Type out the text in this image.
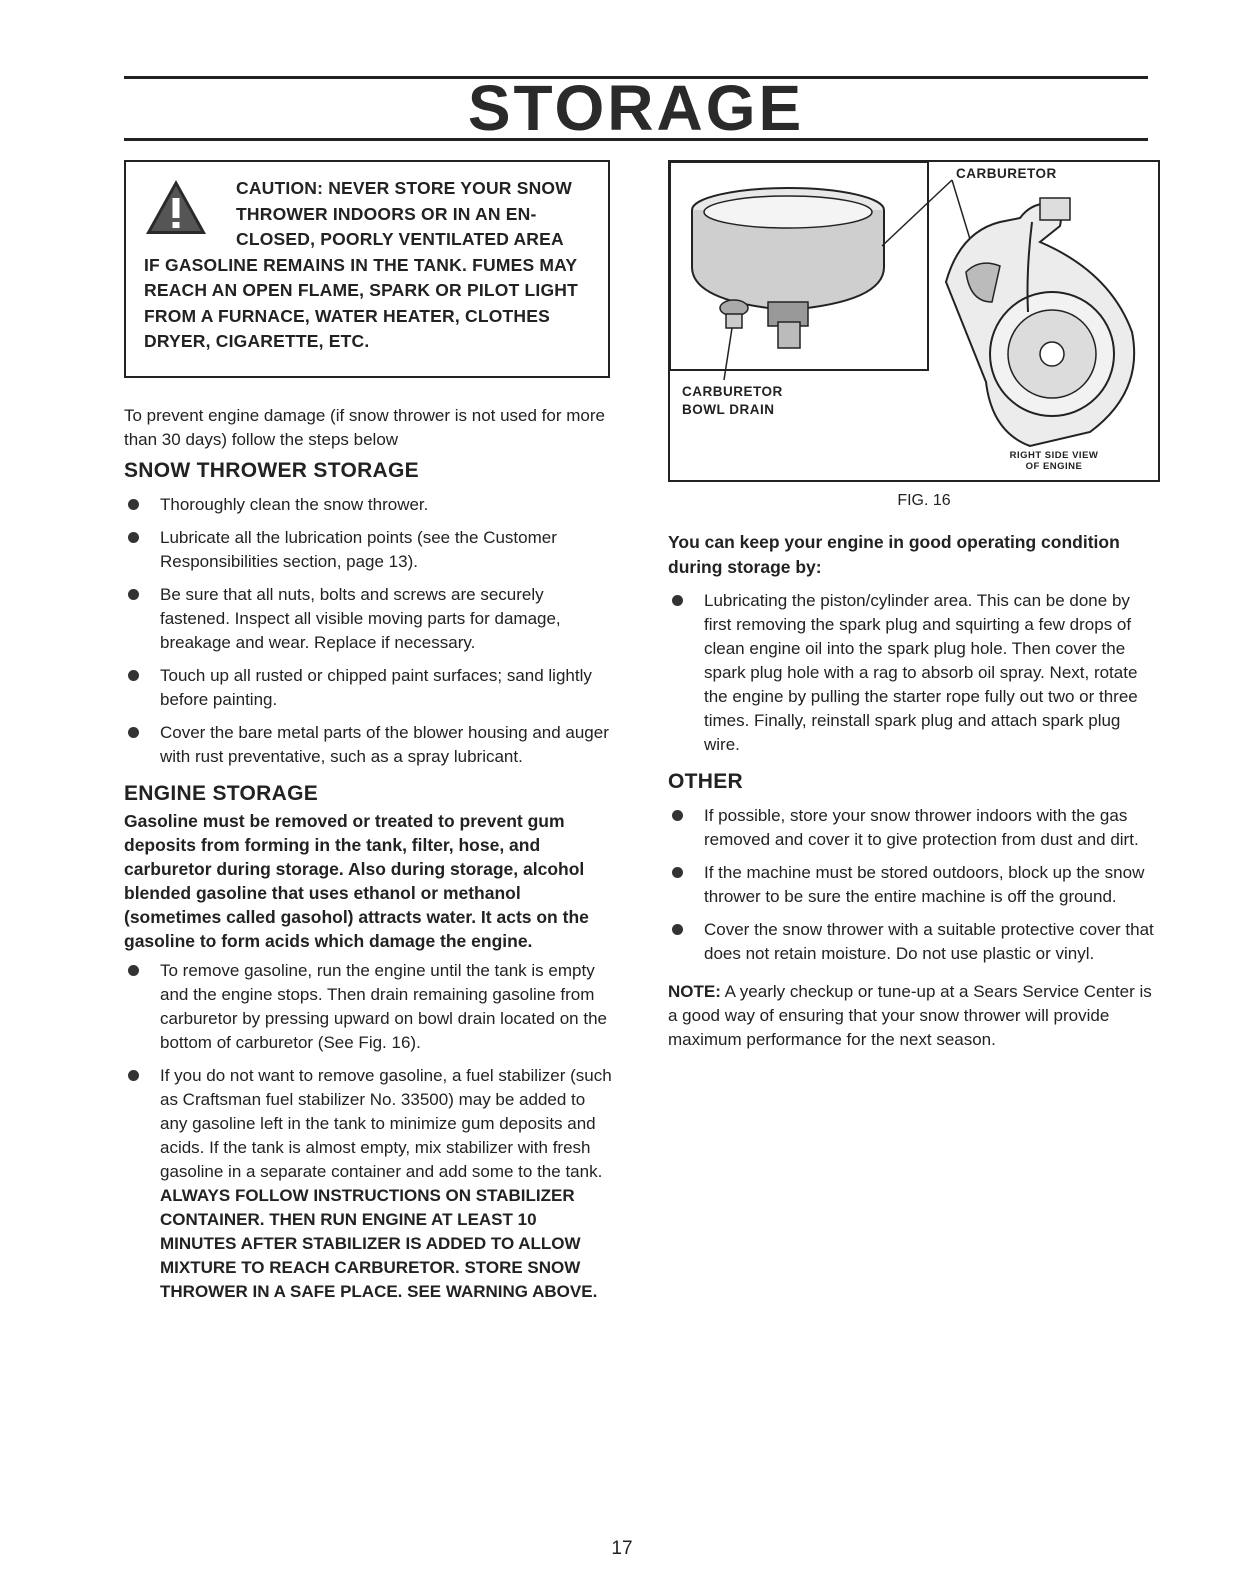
STORAGE
CAUTION: NEVER STORE YOUR SNOW
THROWER INDOORS OR IN AN EN-
CLOSED, POORLY VENTILATED AREA
IF GASOLINE REMAINS IN THE TANK. FUMES MAY REACH AN OPEN FLAME, SPARK OR PILOT LIGHT FROM A FURNACE, WATER HEATER, CLOTHES DRYER, CIGARETTE, ETC.
To prevent engine damage (if snow thrower is not used for more than 30 days) follow the steps below
SNOW THROWER STORAGE
Thoroughly clean the snow thrower.
Lubricate all the lubrication points (see the Customer Responsibilities section, page 13).
Be sure that all nuts, bolts and screws are securely fastened. Inspect all visible moving parts for damage, breakage and wear. Replace if necessary.
Touch up all rusted or chipped paint surfaces; sand lightly before painting.
Cover the bare metal parts of the blower housing and auger with rust preventative, such as a spray lubricant.
ENGINE STORAGE
Gasoline must be removed or treated to prevent gum deposits from forming in the tank, filter, hose, and carburetor during storage. Also during storage, alcohol blended gasoline that uses ethanol or methanol (sometimes called gasohol) attracts water. It acts on the gasoline to form acids which damage the engine.
To remove gasoline, run the engine until the tank is empty and the engine stops. Then drain remaining gasoline from carburetor by pressing upward on bowl drain located on the bottom of carburetor (See Fig. 16).
If you do not want to remove gasoline, a fuel stabilizer (such as Craftsman fuel stabilizer No. 33500) may be added to any gasoline left in the tank to minimize gum deposits and acids. If the tank is almost empty, mix stabilizer with fresh gasoline in a separate container and add some to the tank. ALWAYS FOLLOW INSTRUCTIONS ON STABILIZER CONTAINER. THEN RUN ENGINE AT LEAST 10 MINUTES AFTER STABILIZER IS ADDED TO ALLOW MIXTURE TO REACH CARBURETOR. STORE SNOW THROWER IN A SAFE PLACE. SEE WARNING ABOVE.
CARBURETOR
CARBURETOR
BOWL DRAIN
RIGHT SIDE VIEW
OF ENGINE
FIG. 16
You can keep your engine in good operating condition during storage by:
Lubricating the piston/cylinder area. This can be done by first removing the spark plug and squirting a few drops of clean engine oil into the spark plug hole. Then cover the spark plug hole with a rag to absorb oil spray. Next, rotate the engine by pulling the starter rope fully out two or three times. Finally, reinstall spark plug and attach spark plug wire.
OTHER
If possible, store your snow thrower indoors with the gas removed and cover it to give protection from dust and dirt.
If the machine must be stored outdoors, block up the snow thrower to be sure the entire machine is off the ground.
Cover the snow thrower with a suitable protective cover that does not retain moisture. Do not use plastic or vinyl.
NOTE: A yearly checkup or tune-up at a Sears Service Center is a good way of ensuring that your snow thrower will provide maximum performance for the next season.
17
